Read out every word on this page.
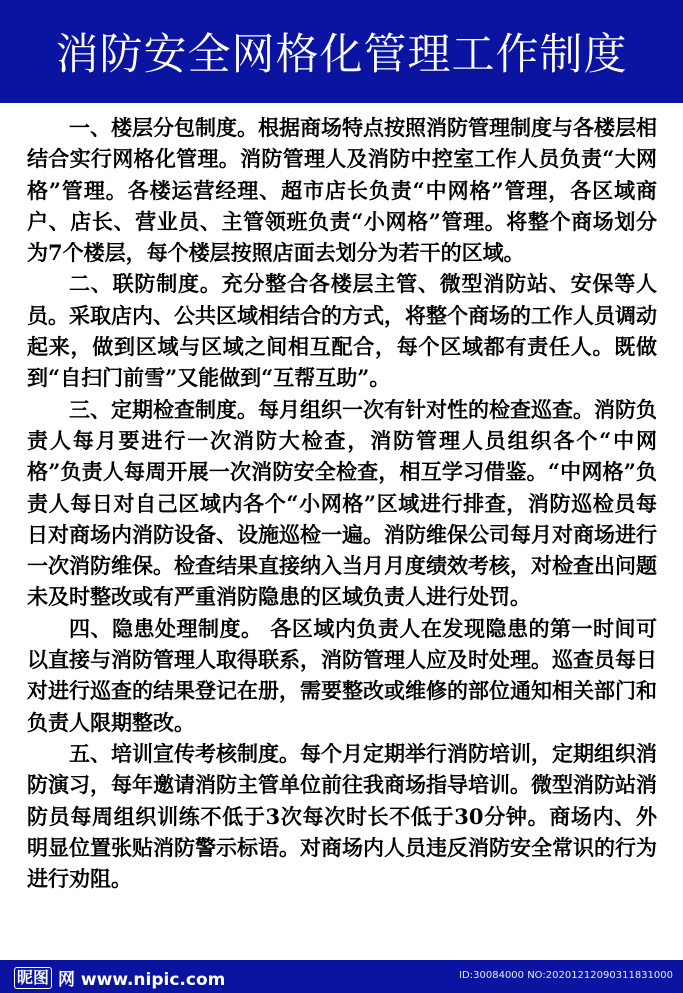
消防安全网格化管理工作制度

一、楼层分包制度。根据商场特点按照消防管理制度与各楼层相结合实行网格化管理。消防管理人及消防中控室工作人员负责“大网格”管理。各楼运营经理、超市店长负责“中网格”管理，各区域商户、店长、营业员、主管领班负责“小网格”管理。将整个商场划分为7个楼层，每个楼层按照店面去划分为若干的区域。

二、联防制度。充分整合各楼层主管、微型消防站、安保等人员。采取店内、公共区域相结合的方式，将整个商场的工作人员调动起来，做到区域与区域之间相互配合，每个区域都有责任人。既做到“自扫门前雪”又能做到“互帮互助”。

三、定期检查制度。每月组织一次有针对性的检查巡查。消防负责人每月要进行一次消防大检查，消防管理人员组织各个“中网格”负责人每周开展一次消防安全检查，相互学习借鉴。“中网格”负责人每日对自己区域内各个“小网格”区域进行排查，消防巡检员每日对商场内消防设备、设施巡检一遍。消防维保公司每月对商场进行一次消防维保。检查结果直接纳入当月月度绩效考核，对检查出问题未及时整改或有严重消防隐患的区域负责人进行处罚。

四、隐患处理制度。 各区域内负责人在发现隐患的第一时间可以直接与消防管理人取得联系，消防管理人应及时处理。巡查员每日对进行巡查的结果登记在册，需要整改或维修的部位通知相关部门和负责人限期整改。

五、培训宣传考核制度。每个月定期举行消防培训，定期组织消防演习，每年邀请消防主管单位前往我商场指导培训。微型消防站消防员每周组织训练不低于3次每次时长不低于30分钟。商场内、外明显位置张贴消防警示标语。对商场内人员违反消防安全常识的行为进行劝阻。

昵图 网 www.nipic.com	ID:30084000 NO:20201212090311831000
